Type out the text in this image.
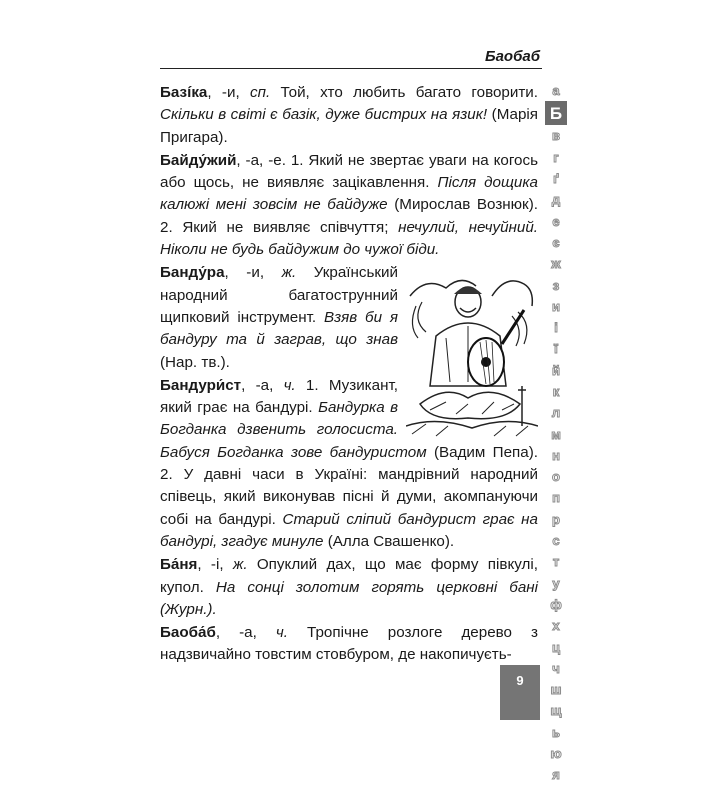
Баобаб

Базíка, -и, сп. Той, хто любить багато говорити. Скільки в світі є базік, дуже бистрих на язик! (Марія Пригара).

Байду́жий, -а, -е. 1. Який не звертає уваги на когось або щось, не виявляє зацікавлення. Після дощика калюжі мені зовсім не байдуже (Мирослав Вознюк). 2. Який не виявляє співчуття; нечулий, нечуйний. Ніколи не будь байдужим до чужої біди.

Банду́ра, -и, ж. Український народний багатострунний щипковий інструмент. Взяв би я бандуру та й заграв, що знав (Нар. тв.).

Бандури́ст, -а, ч. 1. Музикант, який грає на бандурі. Бандурка в Богданка дзвенить голосиста. Бабуся Богданка зове бандуристом (Вадим Пепа). 2. У давні часи в Україні: мандрівний народний співець, який виконував пісні й думи, акомпануючи собі на бандурі. Старий сліпий бандурист грає на бандурі, згадує минуле (Алла Свашенко).

Ба́ня, -і, ж. Опуклий дах, що має форму півкулі, купол. На сонці золотим горять церковні бані (Журн.).

Баоба́б, -а, ч. Тропічне розлоге дерево з надзвичайно товстим стовбуром, де накопичуєть-

а
Б
в
г
ґ
д
е
є
ж
з
и
і
ї
й
к
л
м
н
о
п
р
с
т
у
ф
х
ц
ч
ш
щ
ь
ю
я
9
